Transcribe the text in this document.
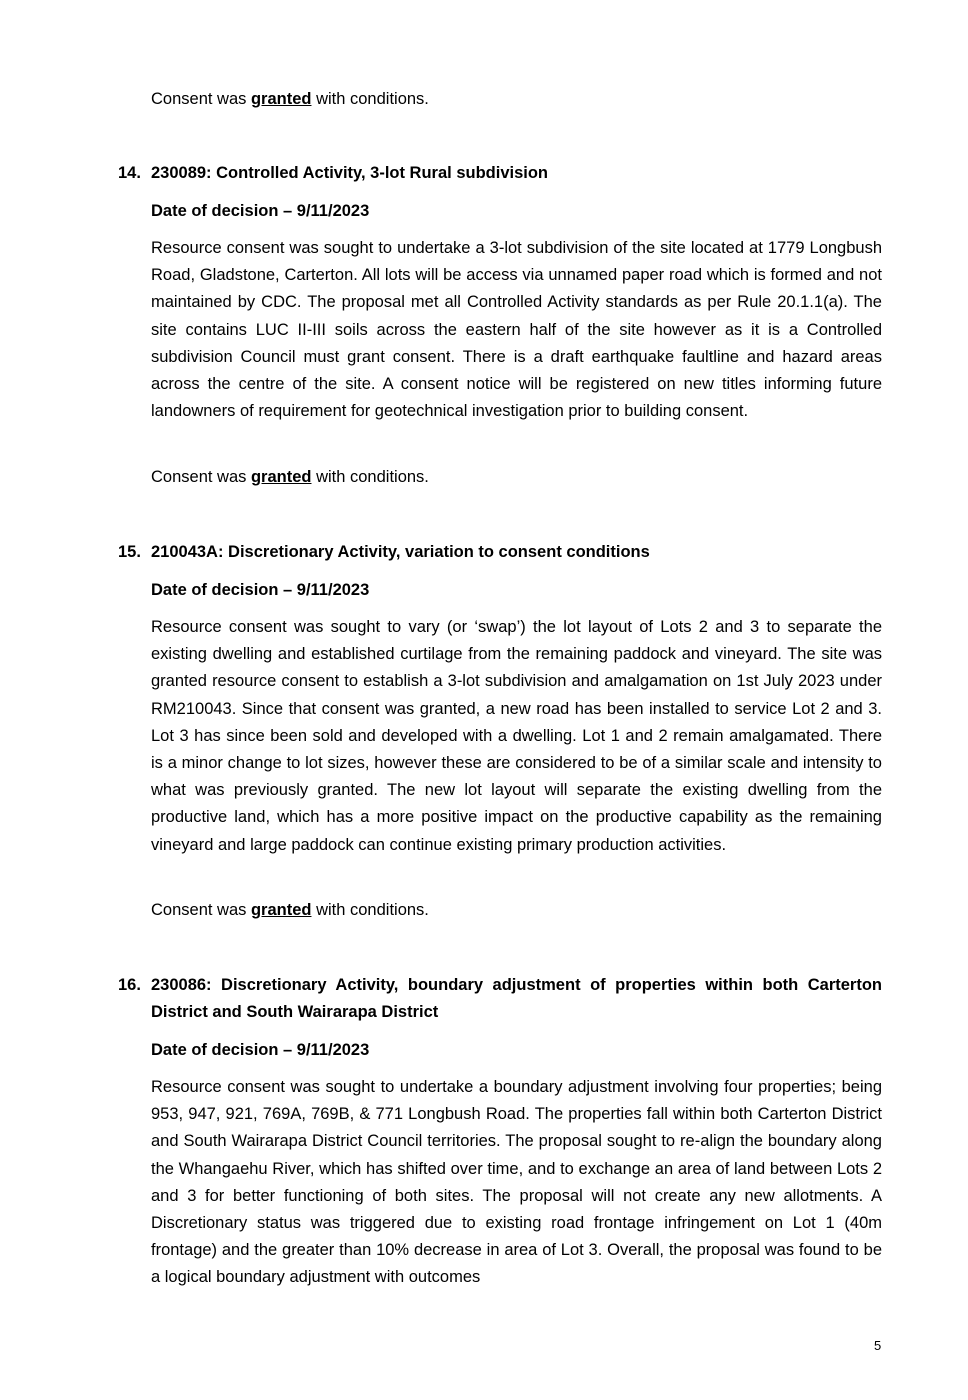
Consent was granted with conditions.
14. 230089: Controlled Activity, 3-lot Rural subdivision
Date of decision – 9/11/2023
Resource consent was sought to undertake a 3-lot subdivision of the site located at 1779 Longbush Road, Gladstone, Carterton. All lots will be access via unnamed paper road which is formed and not maintained by CDC. The proposal met all Controlled Activity standards as per Rule 20.1.1(a). The site contains LUC II-III soils across the eastern half of the site however as it is a Controlled subdivision Council must grant consent. There is a draft earthquake faultline and hazard areas across the centre of the site. A consent notice will be registered on new titles informing future landowners of requirement for geotechnical investigation prior to building consent.
Consent was granted with conditions.
15. 210043A: Discretionary Activity, variation to consent conditions
Date of decision – 9/11/2023
Resource consent was sought to vary (or ‘swap’) the lot layout of Lots 2 and 3 to separate the existing dwelling and established curtilage from the remaining paddock and vineyard. The site was granted resource consent to establish a 3-lot subdivision and amalgamation on 1st July 2023 under RM210043. Since that consent was granted, a new road has been installed to service Lot 2 and 3. Lot 3 has since been sold and developed with a dwelling. Lot 1 and 2 remain amalgamated. There is a minor change to lot sizes, however these are considered to be of a similar scale and intensity to what was previously granted. The new lot layout will separate the existing dwelling from the productive land, which has a more positive impact on the productive capability as the remaining vineyard and large paddock can continue existing primary production activities.
Consent was granted with conditions.
16. 230086: Discretionary Activity, boundary adjustment of properties within both Carterton District and South Wairarapa District
Date of decision – 9/11/2023
Resource consent was sought to undertake a boundary adjustment involving four properties; being 953, 947, 921, 769A, 769B, & 771 Longbush Road. The properties fall within both Carterton District and South Wairarapa District Council territories. The proposal sought to re-align the boundary along the Whangaehu River, which has shifted over time, and to exchange an area of land between Lots 2 and 3 for better functioning of both sites. The proposal will not create any new allotments. A Discretionary status was triggered due to existing road frontage infringement on Lot 1 (40m frontage) and the greater than 10% decrease in area of Lot 3. Overall, the proposal was found to be a logical boundary adjustment with outcomes
5
